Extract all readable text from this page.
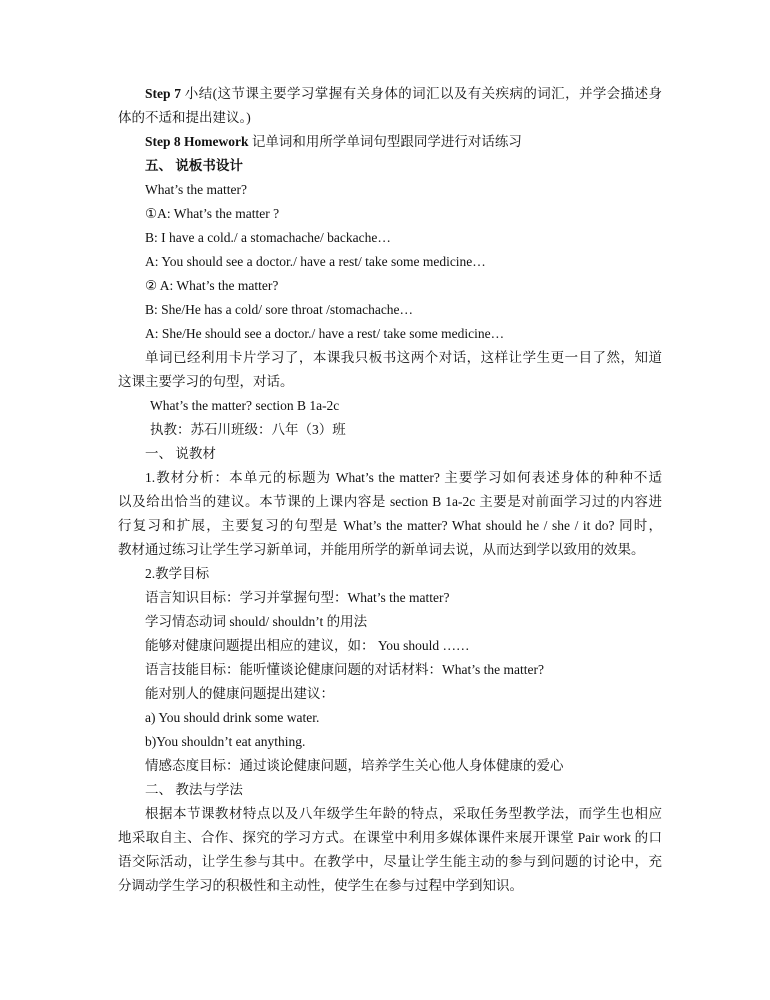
Step 7 小结(这节课主要学习掌握有关身体的词汇以及有关疾病的词汇，并学会描述身
体的不适和提出建议。)
Step 8 Homework 记单词和用所学单词句型跟同学进行对话练习
五、 说板书设计
What’s the matter?
①A: What’s the matter ?
B: I have a cold./ a stomachache/ backache…
A: You should see a doctor./ have a rest/ take some medicine…
② A: What’s the matter?
B: She/He has a cold/ sore throat /stomachache…
A: She/He should see a doctor./ have a rest/ take some medicine…
单词已经利用卡片学习了，本课我只板书这两个对话，这样让学生更一目了然，知道
这课主要学习的句型，对话。
What’s the matter? section B 1a-2c
执教：苏石川班级：八年（3）班
一、 说教材
1.教材分析：本单元的标题为 What’s the matter? 主要学习如何表述身体的种种不适
以及给出恰当的建议。本节课的上课内容是 section B 1a-2c 主要是对前面学习过的内容进
行复习和扩展，主要复习的句型是 What’s the matter? What should he / she / it do? 同时，
教材通过练习让学生学习新单词，并能用所学的新单词去说，从而达到学以致用的效果。
2.教学目标
语言知识目标：学习并掌握句型：What’s the matter?
学习情态动词 should/ shouldn’t 的用法
能够对健康问题提出相应的建议，如： You should ……
语言技能目标：能听懂谈论健康问题的对话材料：What’s the matter?
能对别人的健康问题提出建议：
a) You should drink some water.
b)You shouldn’t eat anything.
情感态度目标：通过谈论健康问题，培养学生关心他人身体健康的爱心
二、 教法与学法
根据本节课教材特点以及八年级学生年龄的特点，采取任务型教学法，而学生也相应
地采取自主、合作、探究的学习方式。在课堂中利用多媒体课件来展开课堂 Pair work 的口
语交际活动，让学生参与其中。在教学中，尽量让学生能主动的参与到问题的讨论中，充
分调动学生学习的积极性和主动性，使学生在参与过程中学到知识。
